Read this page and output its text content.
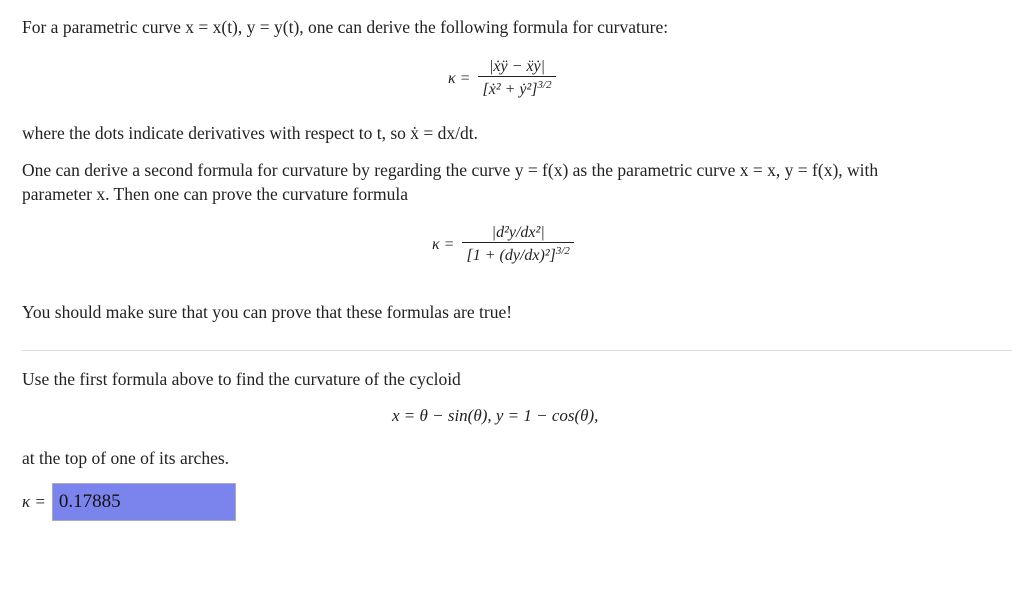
For a parametric curve x = x(t), y = y(t), one can derive the following formula for curvature:
$\kappa = \frac{\text{|ẋÿ − ẍẏ|}}{[ẋ^2 + ẏ^2]^{3/2}}$
where the dots indicate derivatives with respect to t, so ẋ = dx/dt.
One can derive a second formula for curvature by regarding the curve y = f(x) as the parametric curve x = x, y = f(x), with
parameter x. Then one can prove the curvature formula
$\kappa = \frac{\text{|d²y/dx²|}}{[1 + (dy/dx)^2]^{3/2}}$
You should make sure that you can prove that these formulas are true!
Use the first formula above to find the curvature of the cycloid
x = θ − sin(θ), y = 1 − cos(θ),
at the top of one of its arches.
κ =
0.17885
